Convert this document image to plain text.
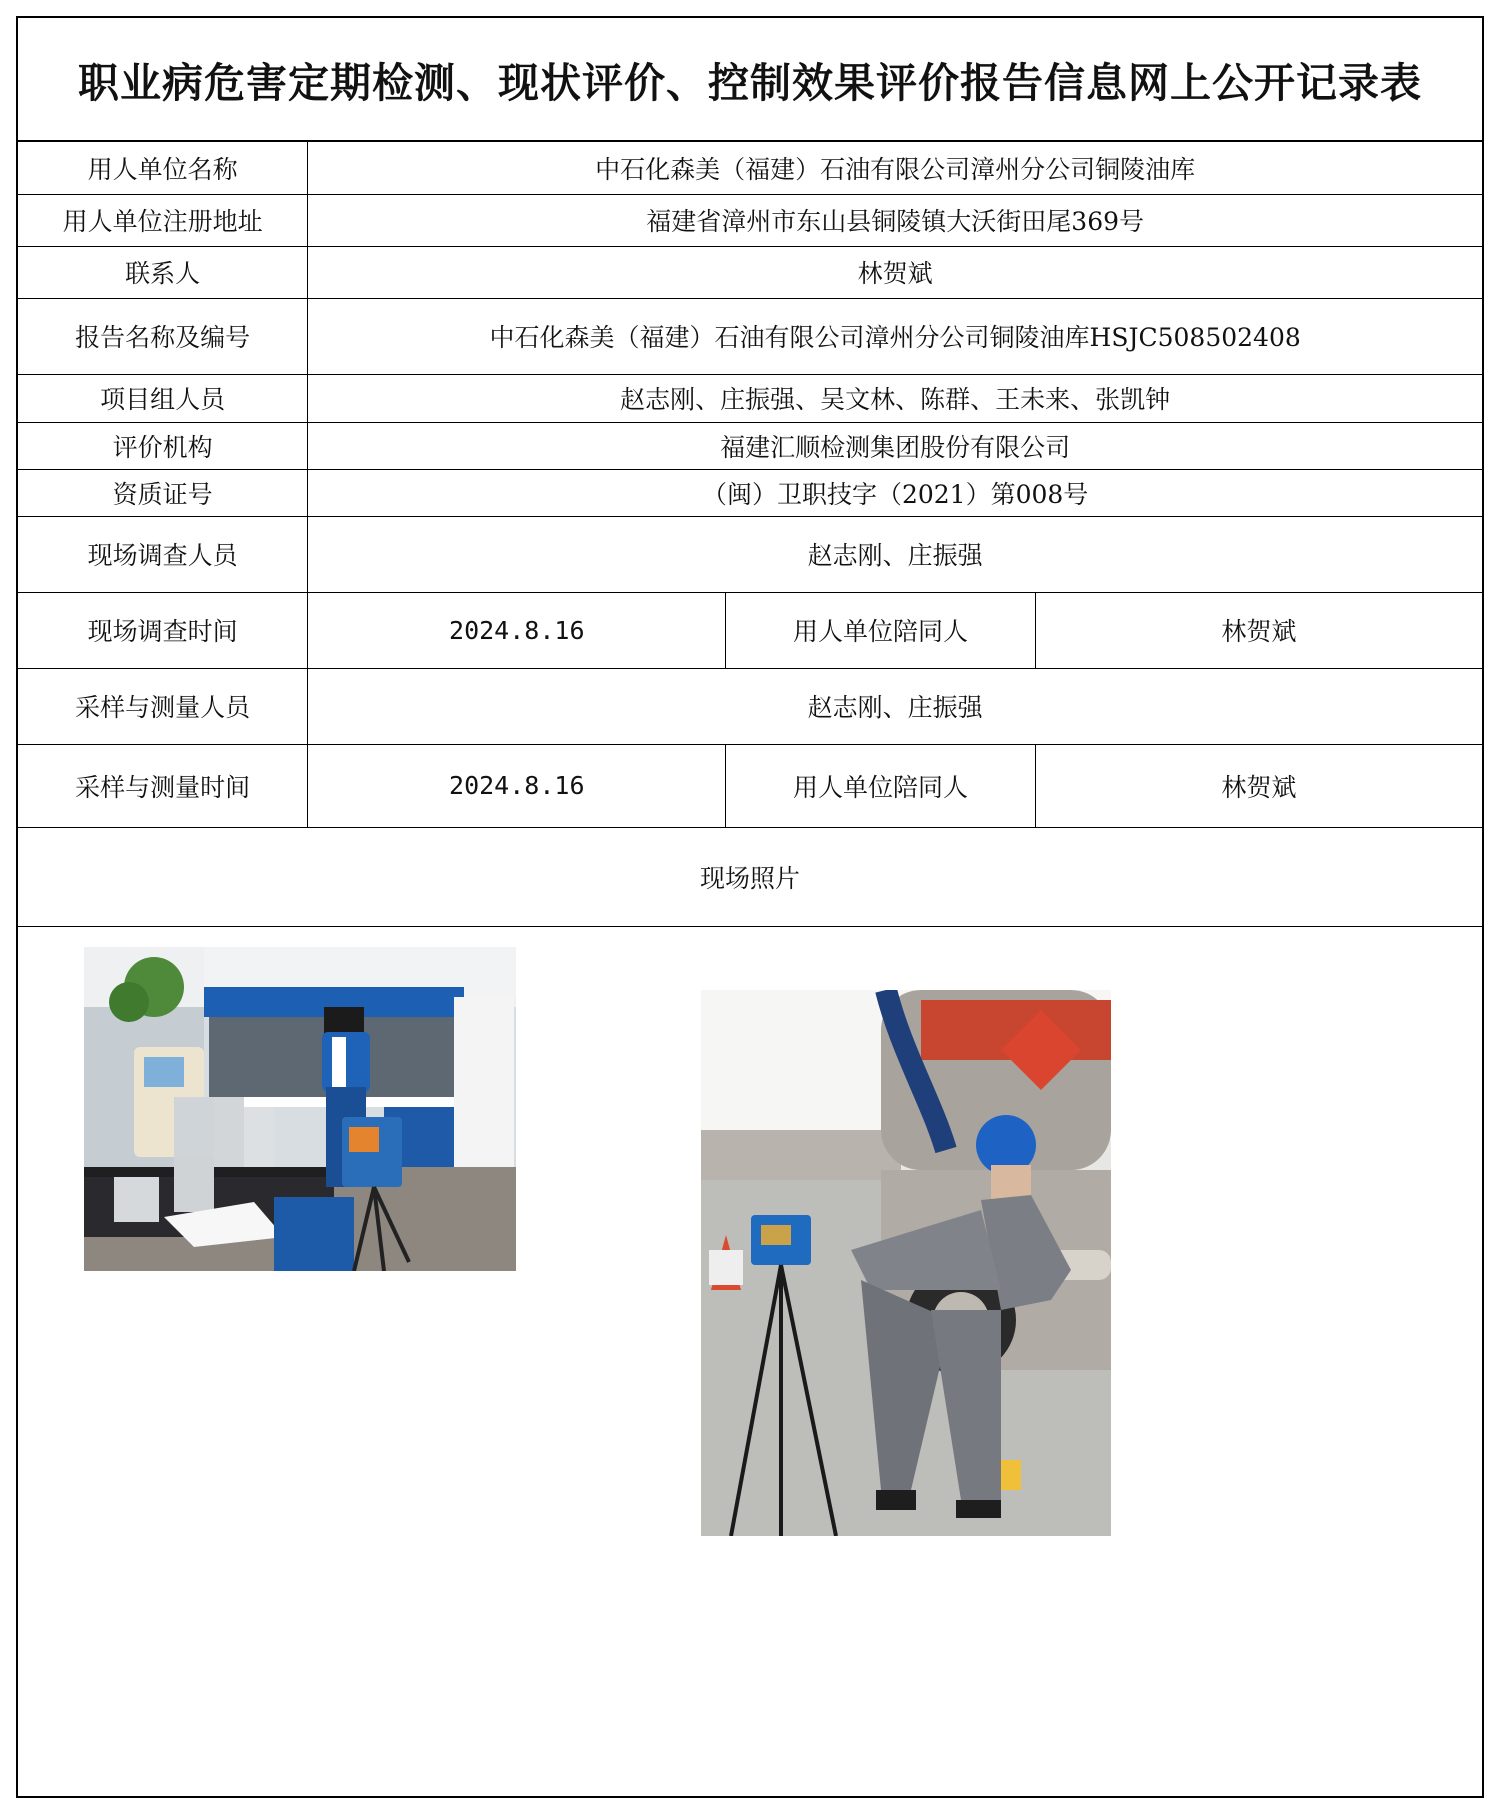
职业病危害定期检测、现状评价、控制效果评价报告信息网上公开记录表
用人单位名称	中石化森美（福建）石油有限公司漳州分公司铜陵油库		
用人单位注册地址	福建省漳州市东山县铜陵镇大沃街田尾369号		
联系人	林贺斌		
报告名称及编号	中石化森美（福建）石油有限公司漳州分公司铜陵油库HSJC508502408		
项目组人员	赵志刚、庄振强、吴文林、陈群、王未来、张凯钟		
评价机构	福建汇顺检测集团股份有限公司		
资质证号	（闽）卫职技字（2021）第008号		
现场调查人员	赵志刚、庄振强		
现场调查时间	2024.8.16	用人单位陪同人	林贺斌
采样与测量人员	赵志刚、庄振强		
采样与测量时间	2024.8.16	用人单位陪同人	林贺斌
现场照片			
